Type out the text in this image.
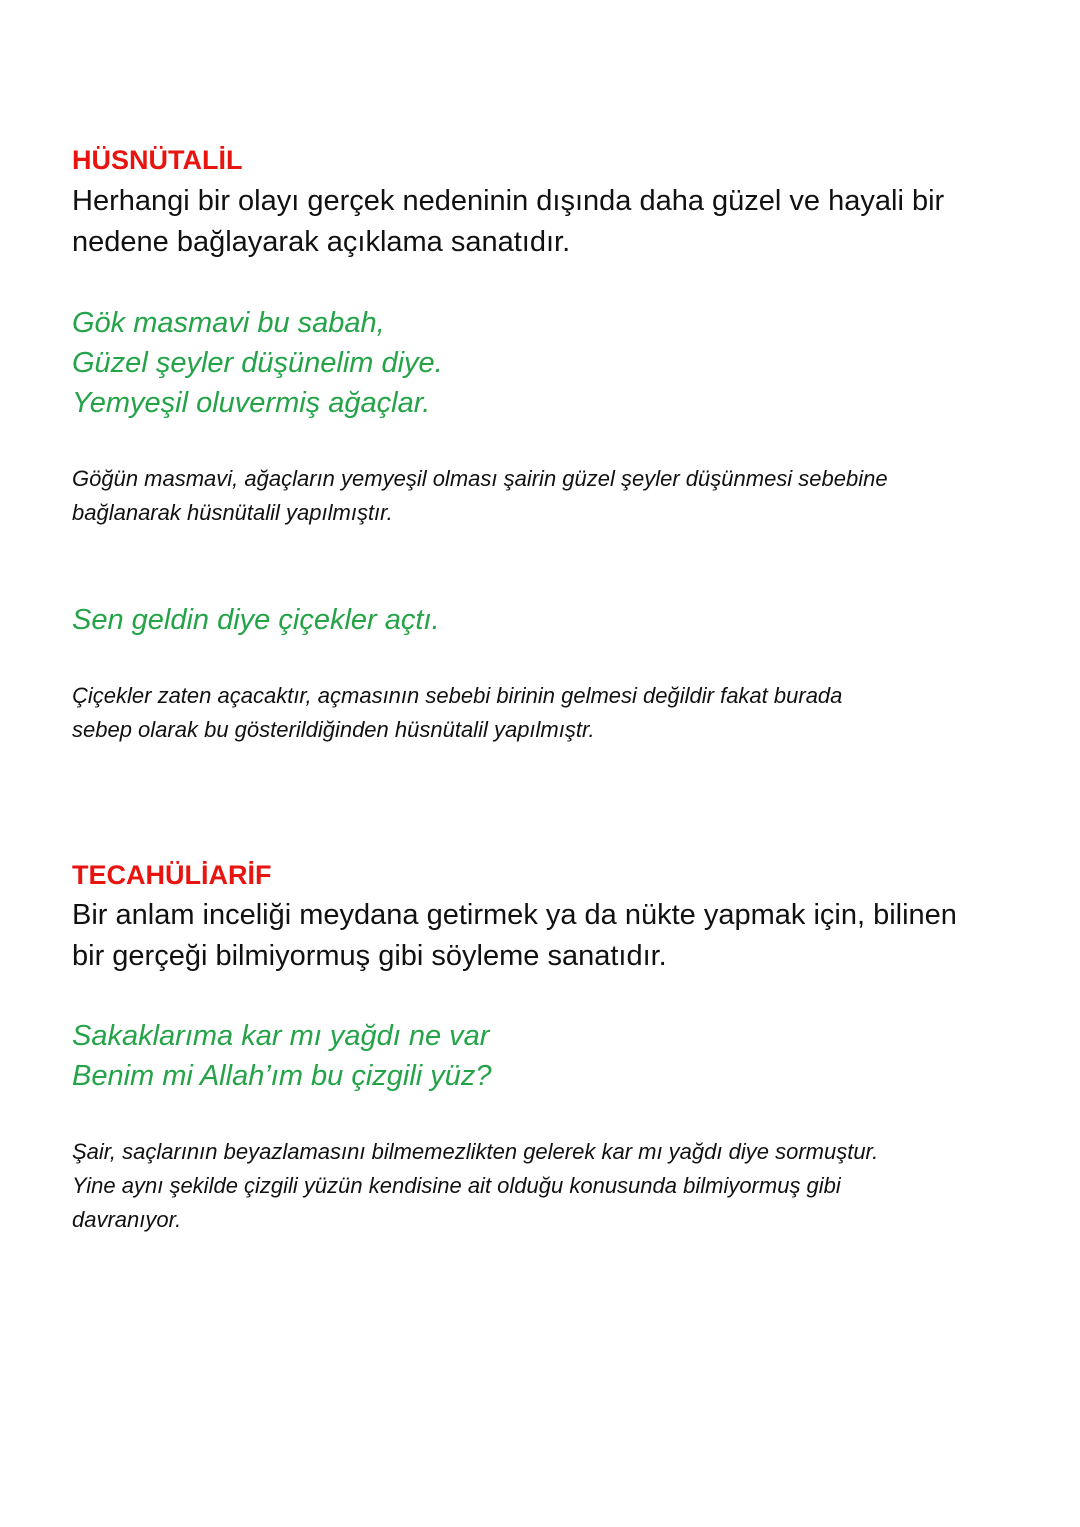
HÜSNÜTALİL
Herhangi bir olayı gerçek nedeninin dışında daha güzel ve hayali bir
nedene bağlayarak açıklama sanatıdır.
Gök masmavi bu sabah,
Güzel şeyler düşünelim diye.
Yemyeşil oluvermiş ağaçlar.
Göğün masmavi, ağaçların yemyeşil olması şairin güzel şeyler düşünmesi sebebine
bağlanarak hüsnütalil yapılmıştır.
Sen geldin diye çiçekler açtı.
Çiçekler zaten açacaktır, açmasının sebebi birinin gelmesi değildir fakat burada
sebep olarak bu gösterildiğinden hüsnütalil yapılmıştr.
TECAHÜLİARİF
Bir anlam inceliği meydana getirmek ya da nükte yapmak için, bilinen
bir gerçeği bilmiyormuş gibi söyleme sanatıdır.
Sakaklarıma kar mı yağdı ne var
Benim mi Allah’ım bu çizgili yüz?
Şair, saçlarının beyazlamasını bilmemezlikten gelerek kar mı yağdı diye sormuştur.
Yine aynı şekilde çizgili yüzün kendisine ait olduğu konusunda bilmiyormuş gibi
davranıyor.
